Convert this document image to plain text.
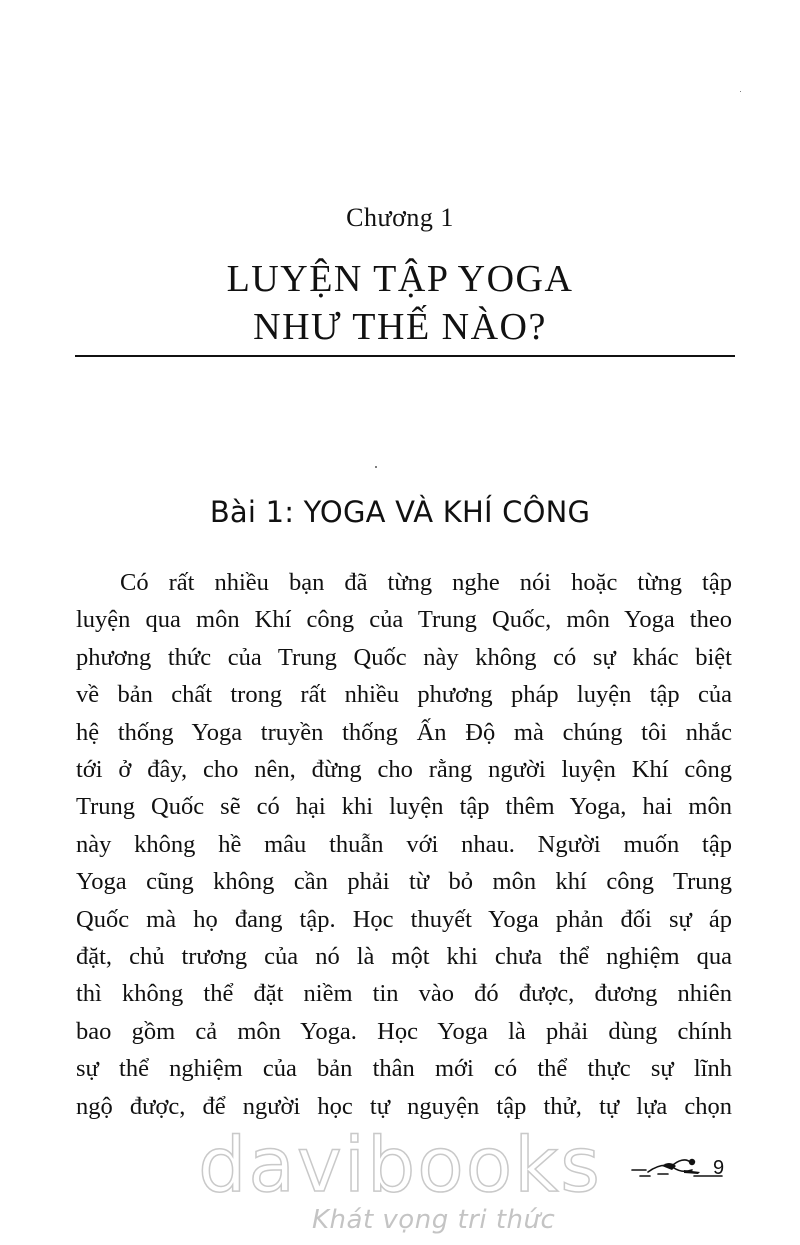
Chương 1
LUYỆN TẬP YOGA
NHƯ THẾ NÀO?
Bài 1: YOGA VÀ KHÍ CÔNG
Có rất nhiều bạn đã từng nghe nói hoặc từng tập
luyện qua môn Khí công của Trung Quốc, môn Yoga theo
phương thức của Trung Quốc này không có sự khác biệt
về bản chất trong rất nhiều phương pháp luyện tập của
hệ thống Yoga truyền thống Ấn Độ mà chúng tôi nhắc
tới ở đây, cho nên, đừng cho rằng người luyện Khí công
Trung Quốc sẽ có hại khi luyện tập thêm Yoga, hai môn
này không hề mâu thuẫn với nhau. Người muốn tập
Yoga cũng không cần phải từ bỏ môn khí công Trung
Quốc mà họ đang tập. Học thuyết Yoga phản đối sự áp
đặt, chủ trương của nó là một khi chưa thể nghiệm qua
thì không thể đặt niềm tin vào đó được, đương nhiên
bao gồm cả môn Yoga. Học Yoga là phải dùng chính
sự thể nghiệm của bản thân mới có thể thực sự lĩnh
ngộ được, để người học tự nguyện tập thử, tự lựa chọn
davibooks
Khát vọng tri thức
9
